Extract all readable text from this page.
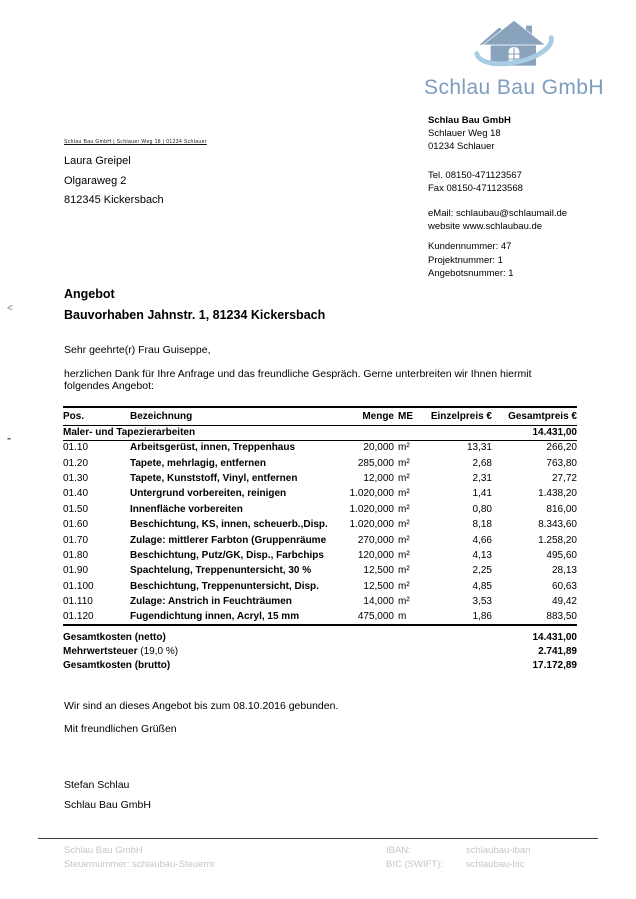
Schlau Bau GmbH
Schlau Bau GmbH
Schlauer Weg 18
01234 Schlauer
Tel. 08150-471123567
Fax 08150-471123568
eMail: schlaubau@schlaumail.de
website www.schlaubau.de
Kundennummer: 47
Projektnummer: 1
Angebotsnummer: 1
Schlau Bau GmbH | Schlauer Weg 18 | 01234 Schlauer
Laura Greipel
Olgaraweg 2
812345 Kickersbach
<
-
Angebot
Bauvorhaben Jahnstr. 1, 81234 Kickersbach
Sehr geehrte(r) Frau Guiseppe,
herzlichen Dank für Ihre Anfrage und das freundliche Gespräch. Gerne unterbreiten wir Ihnen hiermit folgendes Angebot:
Pos.	Bezeichnung	Menge ME	Einzelpreis €	Gesamtpreis €
Maler- und Tapezierarbeiten				14.431,00
01.10	Arbeitsgerüst, innen, Treppenhaus	20,000 m²	13,31	266,20
01.20	Tapete, mehrlagig, entfernen	285,000 m²	2,68	763,80
01.30	Tapete, Kunststoff, Vinyl, entfernen	12,000 m²	2,31	27,72
01.40	Untergrund vorbereiten, reinigen	1.020,000 m²	1,41	1.438,20
01.50	Innenfläche vorbereiten	1.020,000 m²	0,80	816,00
01.60	Beschichtung, KS, innen, scheuerb.,Disp.	1.020,000 m²	8,18	8.343,60
01.70	Zulage: mittlerer Farbton (Gruppenräume	270,000 m²	4,66	1.258,20
01.80	Beschichtung, Putz/GK, Disp., Farbchips	120,000 m²	4,13	495,60
01.90	Spachtelung, Treppenuntersicht, 30 %	12,500 m²	2,25	28,13
01.100	Beschichtung, Treppenuntersicht, Disp.	12,500 m²	4,85	60,63
01.110	Zulage: Anstrich in Feuchträumen	14,000 m²	3,53	49,42
01.120	Fugendichtung innen, Acryl, 15 mm	475,000 m	1,86	883,50
Gesamtkosten (netto)	14.431,00
Mehrwertsteuer (19,0 %)	2.741,89
Gesamtkosten (brutto)	17.172,89
Wir sind an dieses Angebot bis zum 08.10.2016 gebunden.
Mit freundlichen Grüßen
Stefan Schlau
Schlau Bau GmbH
Schlau Bau GmbH
Steuernummer: schlaubau-Steuernr
IBAN:
BIC (SWIFT):
schlaubau-iban
schlaubau-bic
